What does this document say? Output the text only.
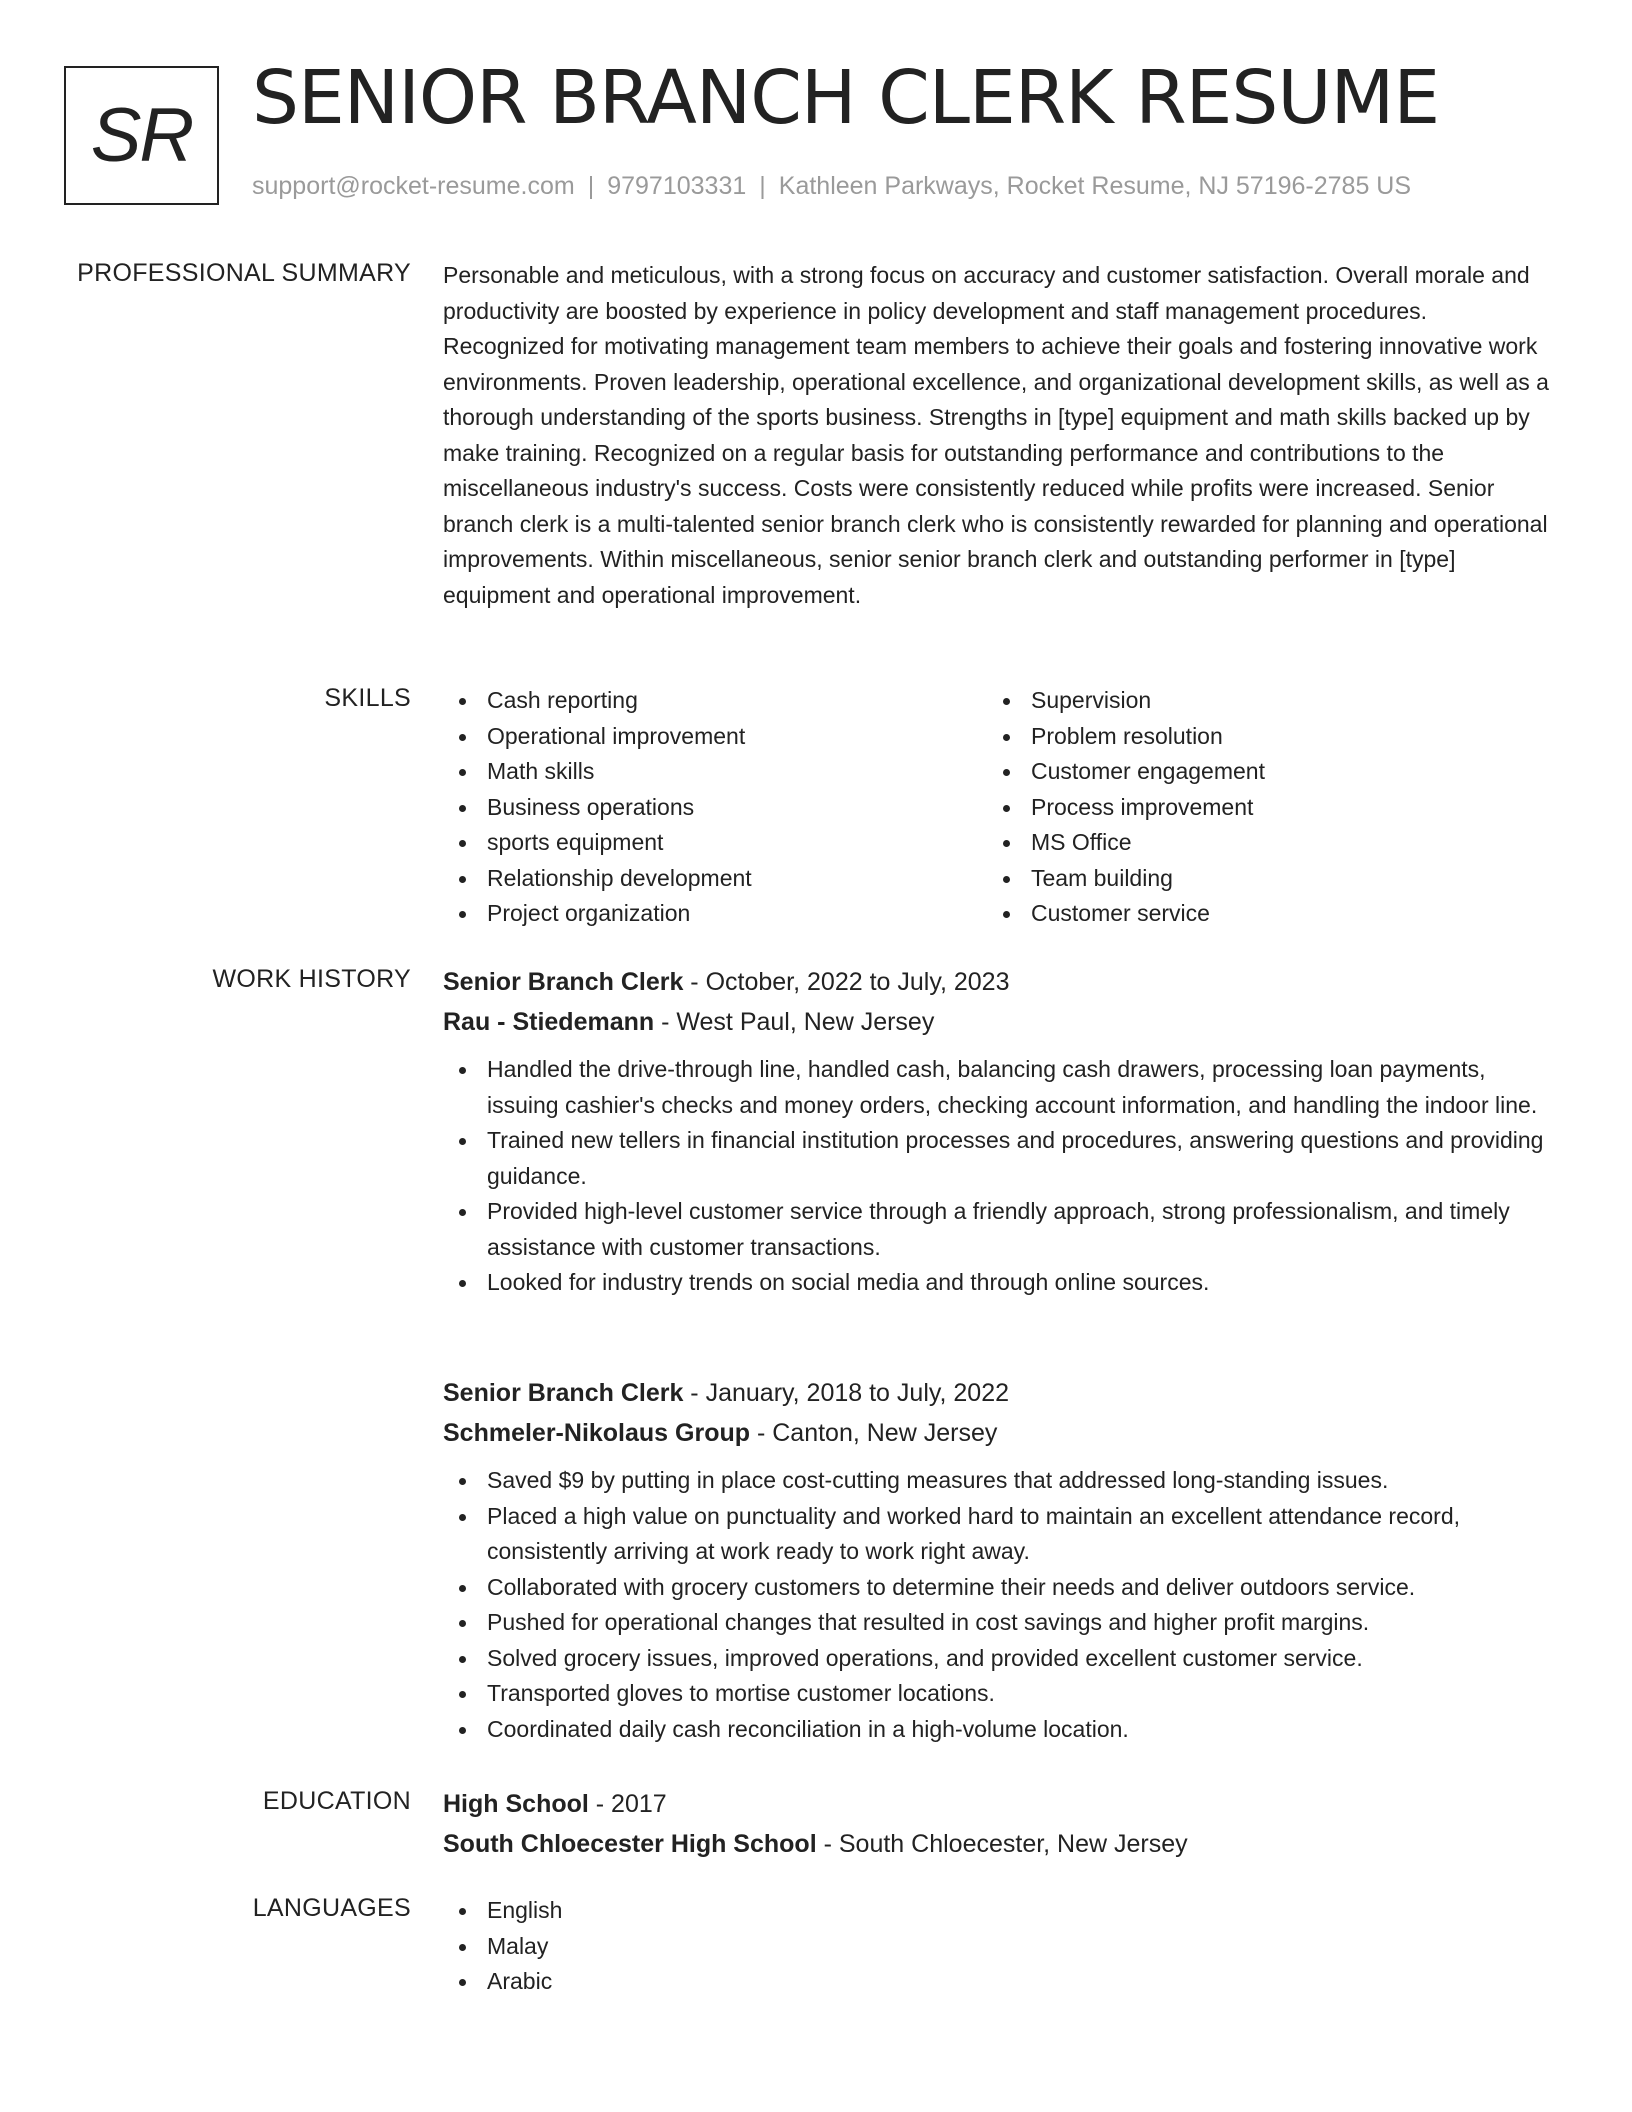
SR SENIOR BRANCH CLERK RESUME
support@rocket-resume.com | 9797103331 | Kathleen Parkways, Rocket Resume, NJ 57196-2785 US
PROFESSIONAL SUMMARY Personable and meticulous, with a strong focus on accuracy and customer satisfaction. Overall morale and productivity are boosted by experience in policy development and staff management procedures. Recognized for motivating management team members to achieve their goals and fostering innovative work environments. Proven leadership, operational excellence, and organizational development skills, as well as a thorough understanding of the sports business. Strengths in [type] equipment and math skills backed up by make training. Recognized on a regular basis for outstanding performance and contributions to the miscellaneous industry's success. Costs were consistently reduced while profits were increased. Senior branch clerk is a multi-talented senior branch clerk who is consistently rewarded for planning and operational improvements. Within miscellaneous, senior senior branch clerk and outstanding performer in [type] equipment and operational improvement.

SKILLS	Cash reporting
Operational improvement
Math skills
Business operations
sports equipment
Relationship development
Project organization
Supervision
Problem resolution
Customer engagement
Process improvement
MS Office
Team building
Customer service
WORK HISTORY Senior Branch Clerk - October, 2022 to July, 2023
Rau - Stiedemann - West Paul, New Jersey
Handled the drive-through line, handled cash, balancing cash drawers, processing loan payments, issuing cashier's checks and money orders, checking account information, and handling the indoor line.
Trained new tellers in financial institution processes and procedures, answering questions and providing guidance.
Provided high-level customer service through a friendly approach, strong professionalism, and timely assistance with customer transactions.
Looked for industry trends on social media and through online sources.
Senior Branch Clerk - January, 2018 to July, 2022
Schmeler-Nikolaus Group - Canton, New Jersey
Saved $9 by putting in place cost-cutting measures that addressed long-standing issues.
Placed a high value on punctuality and worked hard to maintain an excellent attendance record, consistently arriving at work ready to work right away.
Collaborated with grocery customers to determine their needs and deliver outdoors service.
Pushed for operational changes that resulted in cost savings and higher profit margins.
Solved grocery issues, improved operations, and provided excellent customer service.
Transported gloves to mortise customer locations.
Coordinated daily cash reconciliation in a high-volume location.
EDUCATION High School - 2017
South Chloecester High School - South Chloecester, New Jersey
LANGUAGES	English
Malay
Arabic
